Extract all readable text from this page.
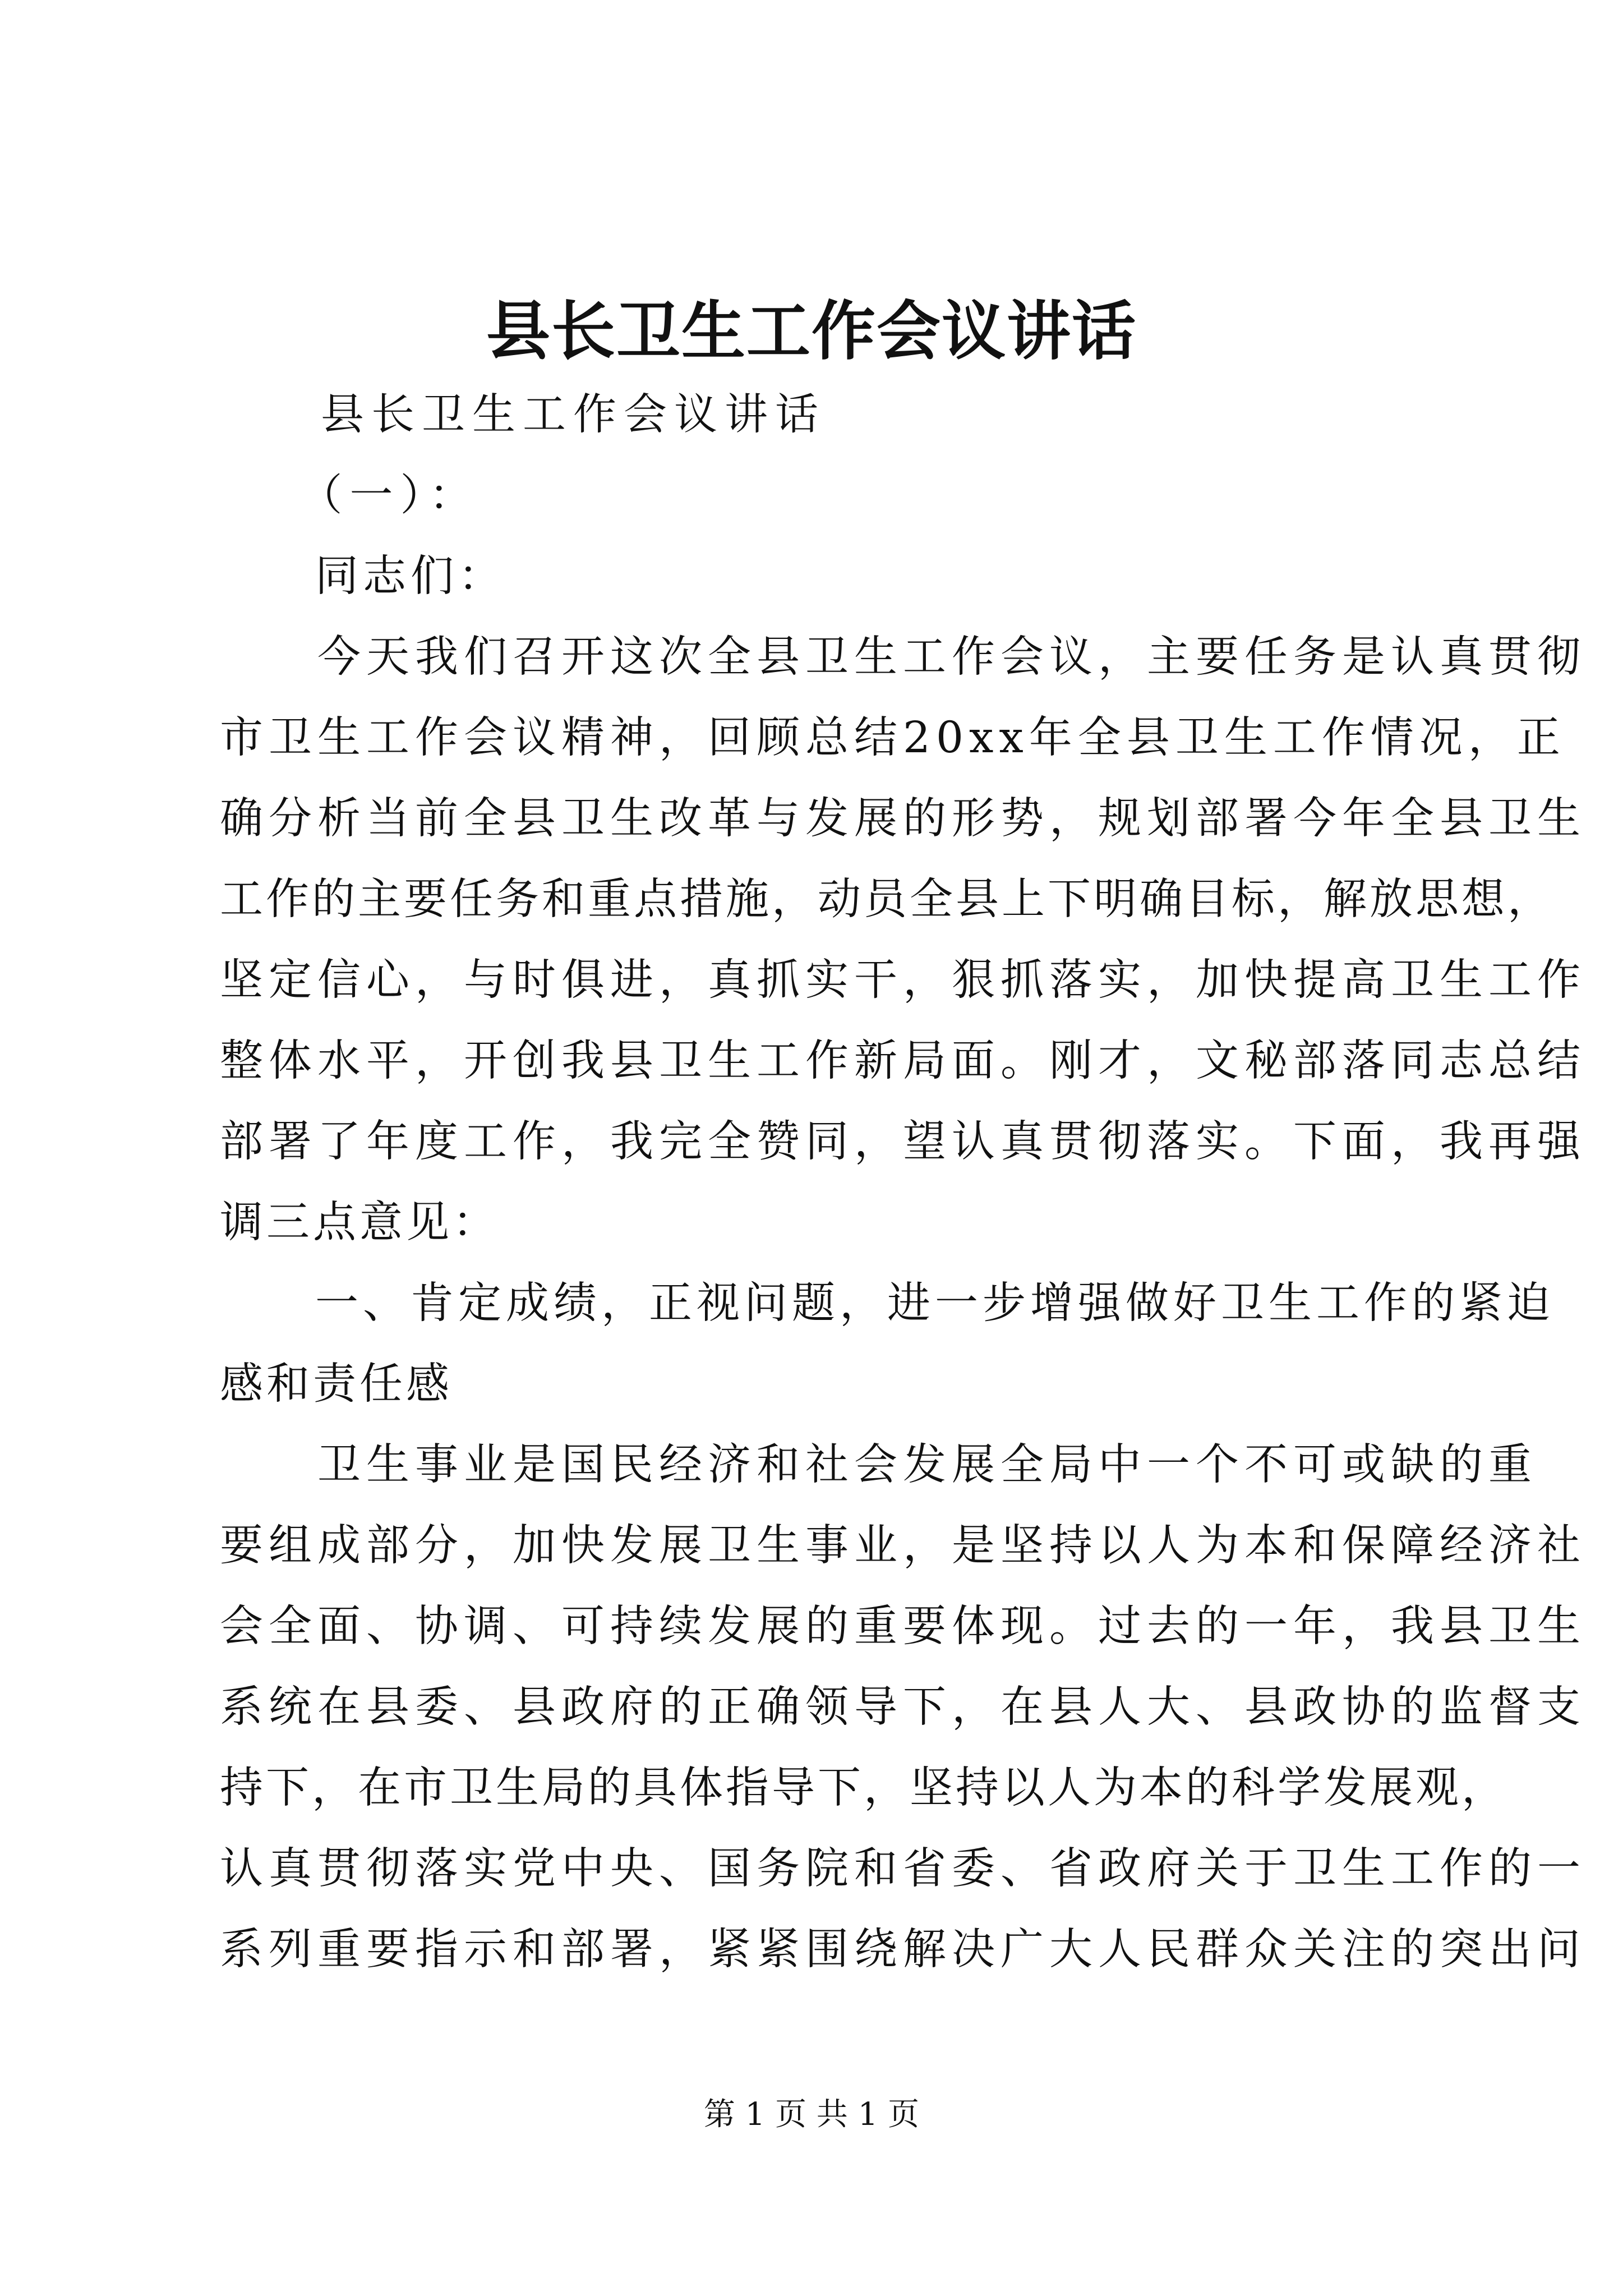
县长卫生工作会议讲话
　　县长卫生工作会议讲话
　　（一）：
　　同志们：
　　今天我们召开这次全县卫生工作会议，主要任务是认真贯彻
市卫生工作会议精神，回顾总结20xx年全县卫生工作情况，正
确分析当前全县卫生改革与发展的形势，规划部署今年全县卫生
工作的主要任务和重点措施，动员全县上下明确目标，解放思想，
坚定信心，与时俱进，真抓实干，狠抓落实，加快提高卫生工作
整体水平，开创我县卫生工作新局面。刚才，文秘部落同志总结
部署了年度工作，我完全赞同，望认真贯彻落实。下面，我再强
调三点意见：
　　一、肯定成绩，正视问题，进一步增强做好卫生工作的紧迫
感和责任感
　　卫生事业是国民经济和社会发展全局中一个不可或缺的重
要组成部分，加快发展卫生事业，是坚持以人为本和保障经济社
会全面、协调、可持续发展的重要体现。过去的一年，我县卫生
系统在县委、县政府的正确领导下，在县人大、县政协的监督支
持下，在市卫生局的具体指导下，坚持以人为本的科学发展观，
认真贯彻落实党中央、国务院和省委、省政府关于卫生工作的一
系列重要指示和部署，紧紧围绕解决广大人民群众关注的突出问
第 1 页 共 1 页
